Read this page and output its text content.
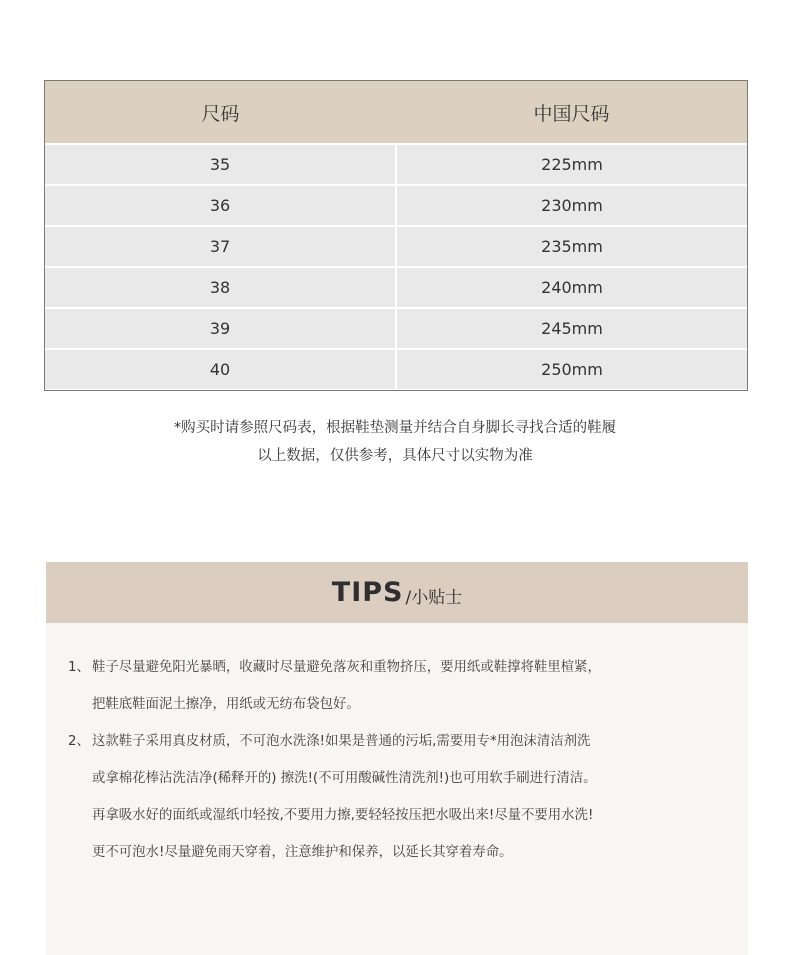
尺码	中国尺码
35	225mm
36	230mm
37	235mm
38	240mm
39	245mm
40	250mm
*购买时请参照尺码表，根据鞋垫测量并结合自身脚长寻找合适的鞋履
以上数据，仅供参考，具体尺寸以实物为准
TIPS /小贴士
1、 鞋子尽量避免阳光暴晒，收藏时尽量避免落灰和重物挤压，要用纸或鞋撑将鞋里楦紧，
把鞋底鞋面泥土擦净，用纸或无纺布袋包好。
2、 这款鞋子采用真皮材质，不可泡水洗涤!如果是普通的污垢,需要用专*用泡沫清洁剂洗
或拿棉花棒沾洗洁净(稀释开的) 擦洗!(不可用酸碱性清洗剂!)也可用软手刷进行清洁。
再拿吸水好的面纸或湿纸巾轻按,不要用力擦,要轻轻按压把水吸出来!尽量不要用水洗!
更不可泡水!尽量避免雨天穿着，注意维护和保养，以延长其穿着寿命。
